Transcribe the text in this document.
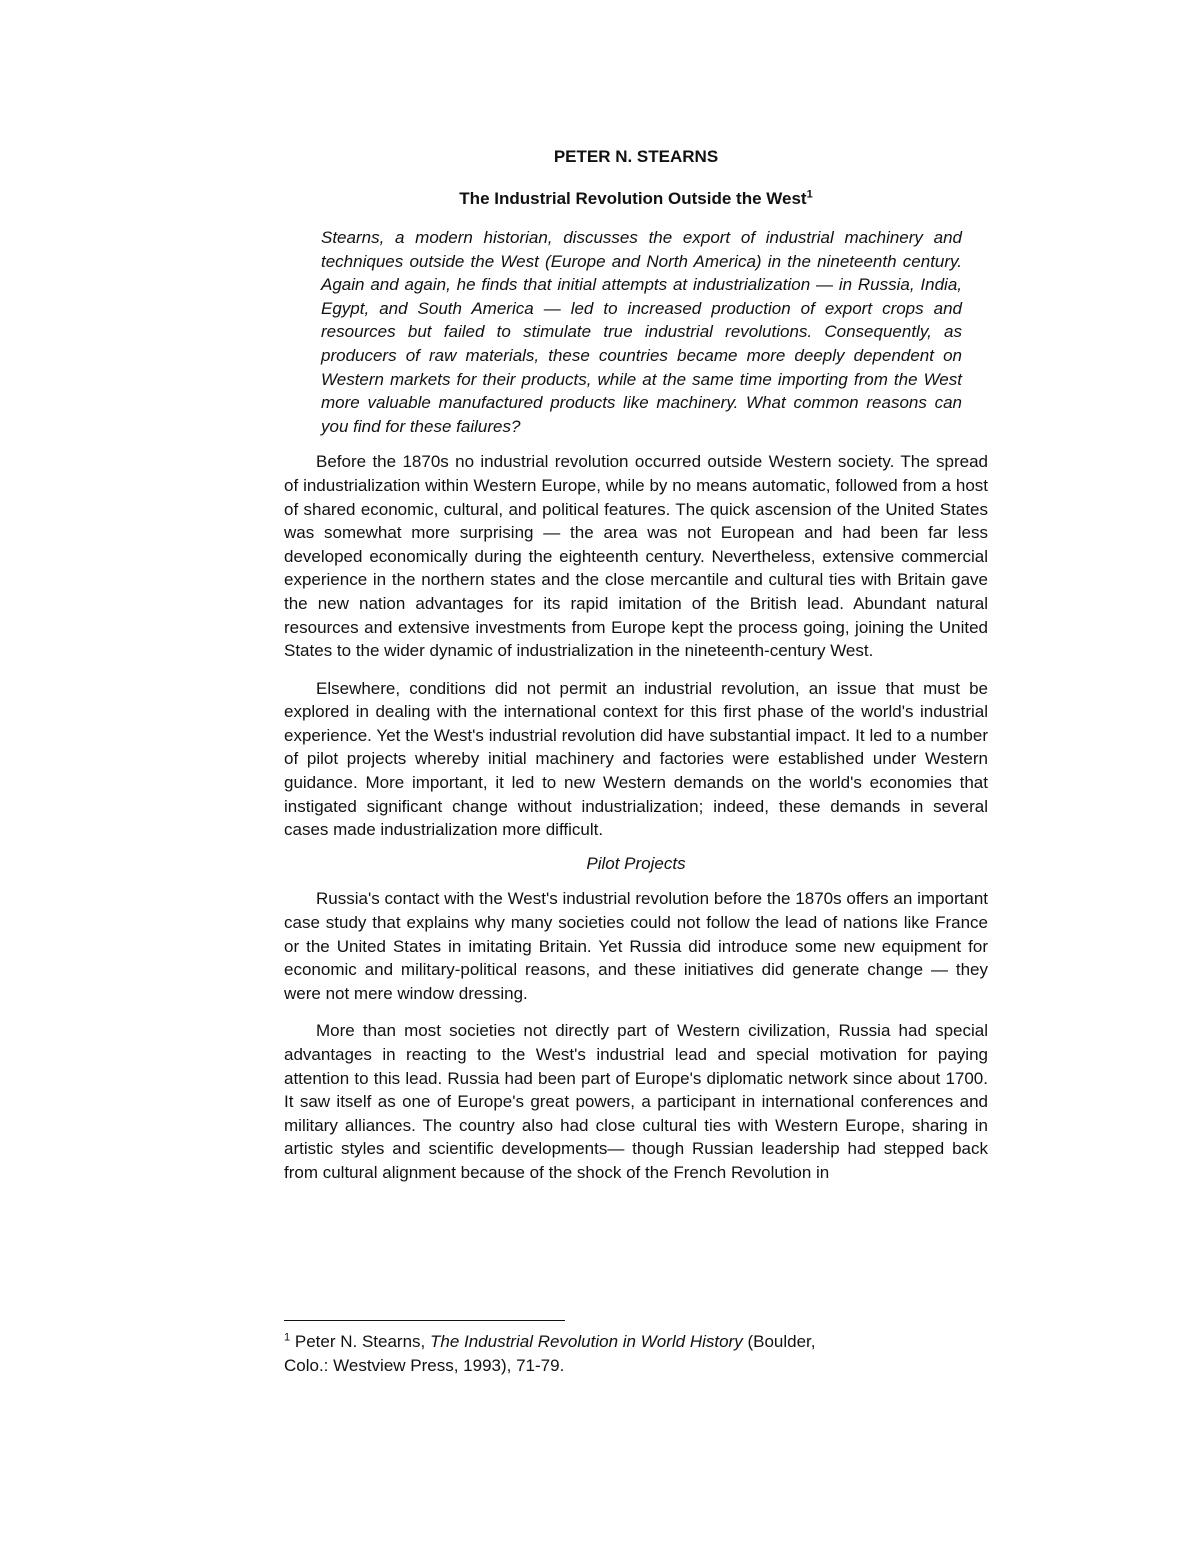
PETER N. STEARNS
The Industrial Revolution Outside the West$^1$

Stearns, a modern historian, discusses the export of industrial machinery and techniques outside the West (Europe and North America) in the nineteenth century. Again and again, he finds that initial attempts at industrialization — in Russia, India, Egypt, and South America — led to increased production of export crops and resources but failed to stimulate true industrial revolutions. Consequently, as producers of raw materials, these countries became more deeply dependent on Western markets for their products, while at the same time importing from the West more valuable manufactured products like machinery. What common reasons can you find for these failures?

Before the 1870s no industrial revolution occurred outside Western society. The spread of industrialization within Western Europe, while by no means automatic, followed from a host of shared economic, cultural, and political features. The quick ascension of the United States was somewhat more surprising — the area was not European and had been far less developed economically during the eighteenth century. Nevertheless, extensive commercial experience in the northern states and the close mercantile and cultural ties with Britain gave the new nation advantages for its rapid imitation of the British lead. Abundant natural resources and extensive investments from Europe kept the process going, joining the United States to the wider dynamic of industrialization in the nineteenth-century West.

Elsewhere, conditions did not permit an industrial revolution, an issue that must be explored in dealing with the international context for this first phase of the world's industrial experience. Yet the West's industrial revolution did have substantial impact. It led to a number of pilot projects whereby initial machinery and factories were established under Western guidance. More important, it led to new Western demands on the world's economies that instigated significant change without industrialization; indeed, these demands in several cases made industrialization more difficult.

Pilot Projects

Russia's contact with the West's industrial revolution before the 1870s offers an important case study that explains why many societies could not follow the lead of nations like France or the United States in imitating Britain. Yet Russia did introduce some new equipment for economic and military-political reasons, and these initiatives did generate change — they were not mere window dressing.

More than most societies not directly part of Western civilization, Russia had special advantages in reacting to the West's industrial lead and special motivation for paying attention to this lead. Russia had been part of Europe's diplomatic network since about 1700. It saw itself as one of Europe's great powers, a participant in international conferences and military alliances. The country also had close cultural ties with Western Europe, sharing in artistic styles and scientific developments— though Russian leadership had stepped back from cultural alignment because of the shock of the French Revolution in

$^1$ Peter N. Stearns, The Industrial Revolution in World History (Boulder, Colo.: Westview Press, 1993), 71-79.
